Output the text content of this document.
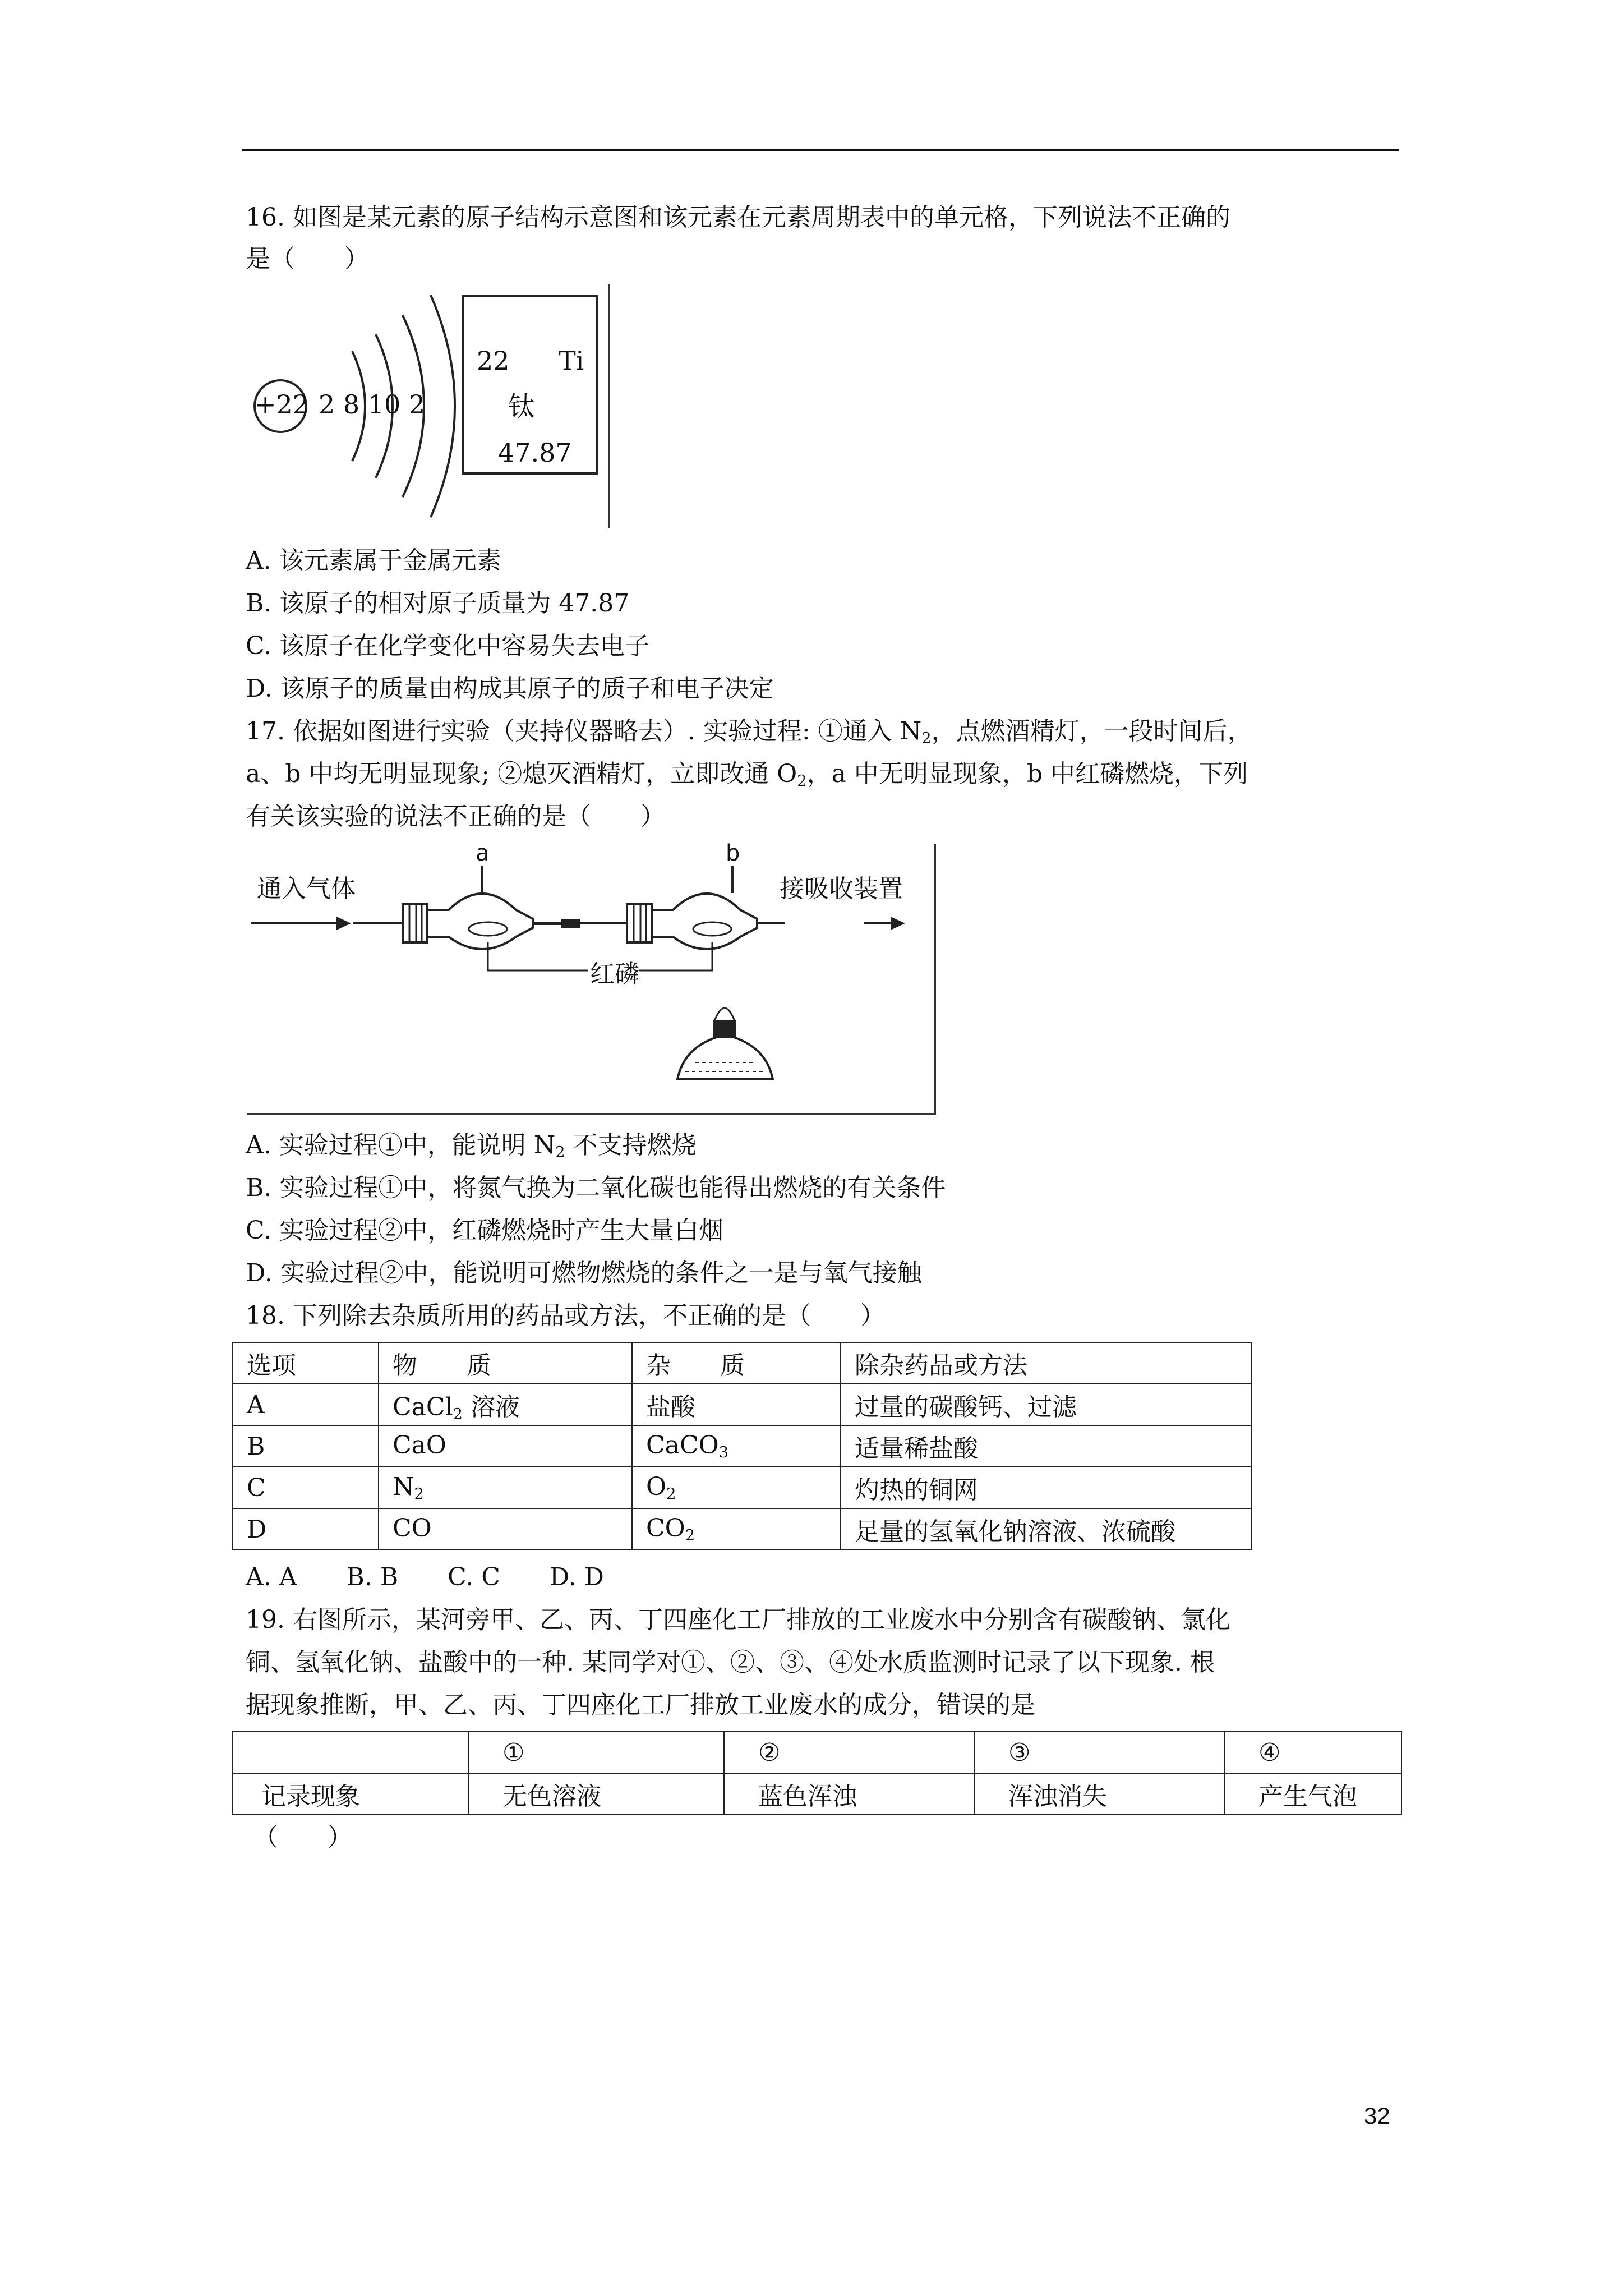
16. 如图是某元素的原子结构示意图和该元素在元素周期表中的单元格，下列说法不正确的
是（　　）
+22 2 8 10 2
22 Ti
钛
47.87
A. 该元素属于金属元素
B. 该原子的相对原子质量为 47.87
C. 该原子在化学变化中容易失去电子
D. 该原子的质量由构成其原子的质子和电子决定
17. 依据如图进行实验（夹持仪器略去）. 实验过程: ①通入 $N_2$，点燃酒精灯，一段时间后，
a、b 中均无明显现象; ②熄灭酒精灯，立即改通 $O_2$，a 中无明显现象，b 中红磷燃烧，下列
有关该实验的说法不正确的是（　　）
通入气体
a	b
接吸收装置
红磷
A. 实验过程①中，能说明 $N_2$ 不支持燃烧
B. 实验过程①中，将氮气换为二氧化碳也能得出燃烧的有关条件
C. 实验过程②中，红磷燃烧时产生大量白烟
D. 实验过程②中，能说明可燃物燃烧的条件之一是与氧气接触
18. 下列除去杂质所用的药品或方法，不正确的是（　　）
选项	物　　质	杂　　质	除杂药品或方法
A	CaCl$_2$ 溶液	盐酸	过量的碳酸钙、过滤
B	CaO	CaCO$_3$	适量稀盐酸
C	$N_2$	$O_2$	灼热的铜网
D	CO	$CO_2$	足量的氢氧化钠溶液、浓硫酸
A. A　　B. B　　C. C　　D. D
19. 右图所示，某河旁甲、乙、丙、丁四座化工厂排放的工业废水中分别含有碳酸钠、氯化
铜、氢氧化钠、盐酸中的一种. 某同学对①、②、③、④处水质监测时记录了以下现象. 根
据现象推断，甲、乙、丙、丁四座化工厂排放工业废水的成分，错误的是
	①	②	③	④
记录现象	无色溶液	蓝色浑浊	浑浊消失	产生气泡
（　　）
32
